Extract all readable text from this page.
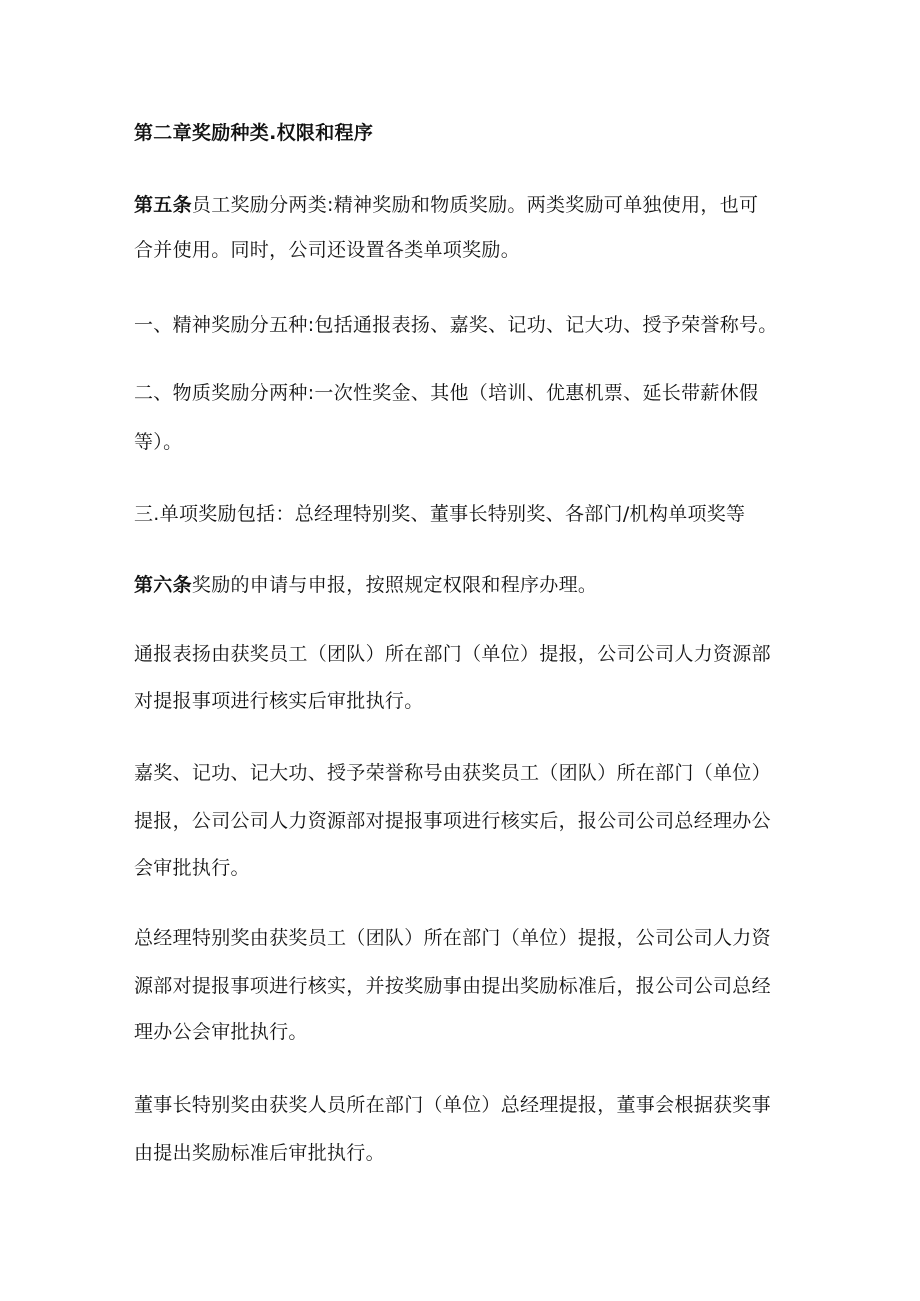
第二章奖励种类.权限和程序
第五条员工奖励分两类:精神奖励和物质奖励。两类奖励可单独使用，也可
合并使用。同时，公司还设置各类单项奖励。
一、精神奖励分五种:包括通报表扬、嘉奖、记功、记大功、授予荣誉称号。
二、物质奖励分两种:一次性奖金、其他（培训、优惠机票、延长带薪休假
等）。
三.单项奖励包括：总经理特别奖、董事长特别奖、各部门/机构单项奖等
第六条奖励的申请与申报，按照规定权限和程序办理。
通报表扬由获奖员工（团队）所在部门（单位）提报，公司公司人力资源部
对提报事项进行核实后审批执行。
嘉奖、记功、记大功、授予荣誉称号由获奖员工（团队）所在部门（单位）
提报，公司公司人力资源部对提报事项进行核实后，报公司公司总经理办公
会审批执行。
总经理特别奖由获奖员工（团队）所在部门（单位）提报，公司公司人力资
源部对提报事项进行核实，并按奖励事由提出奖励标准后，报公司公司总经
理办公会审批执行。
董事长特别奖由获奖人员所在部门（单位）总经理提报，董事会根据获奖事
由提出奖励标准后审批执行。
